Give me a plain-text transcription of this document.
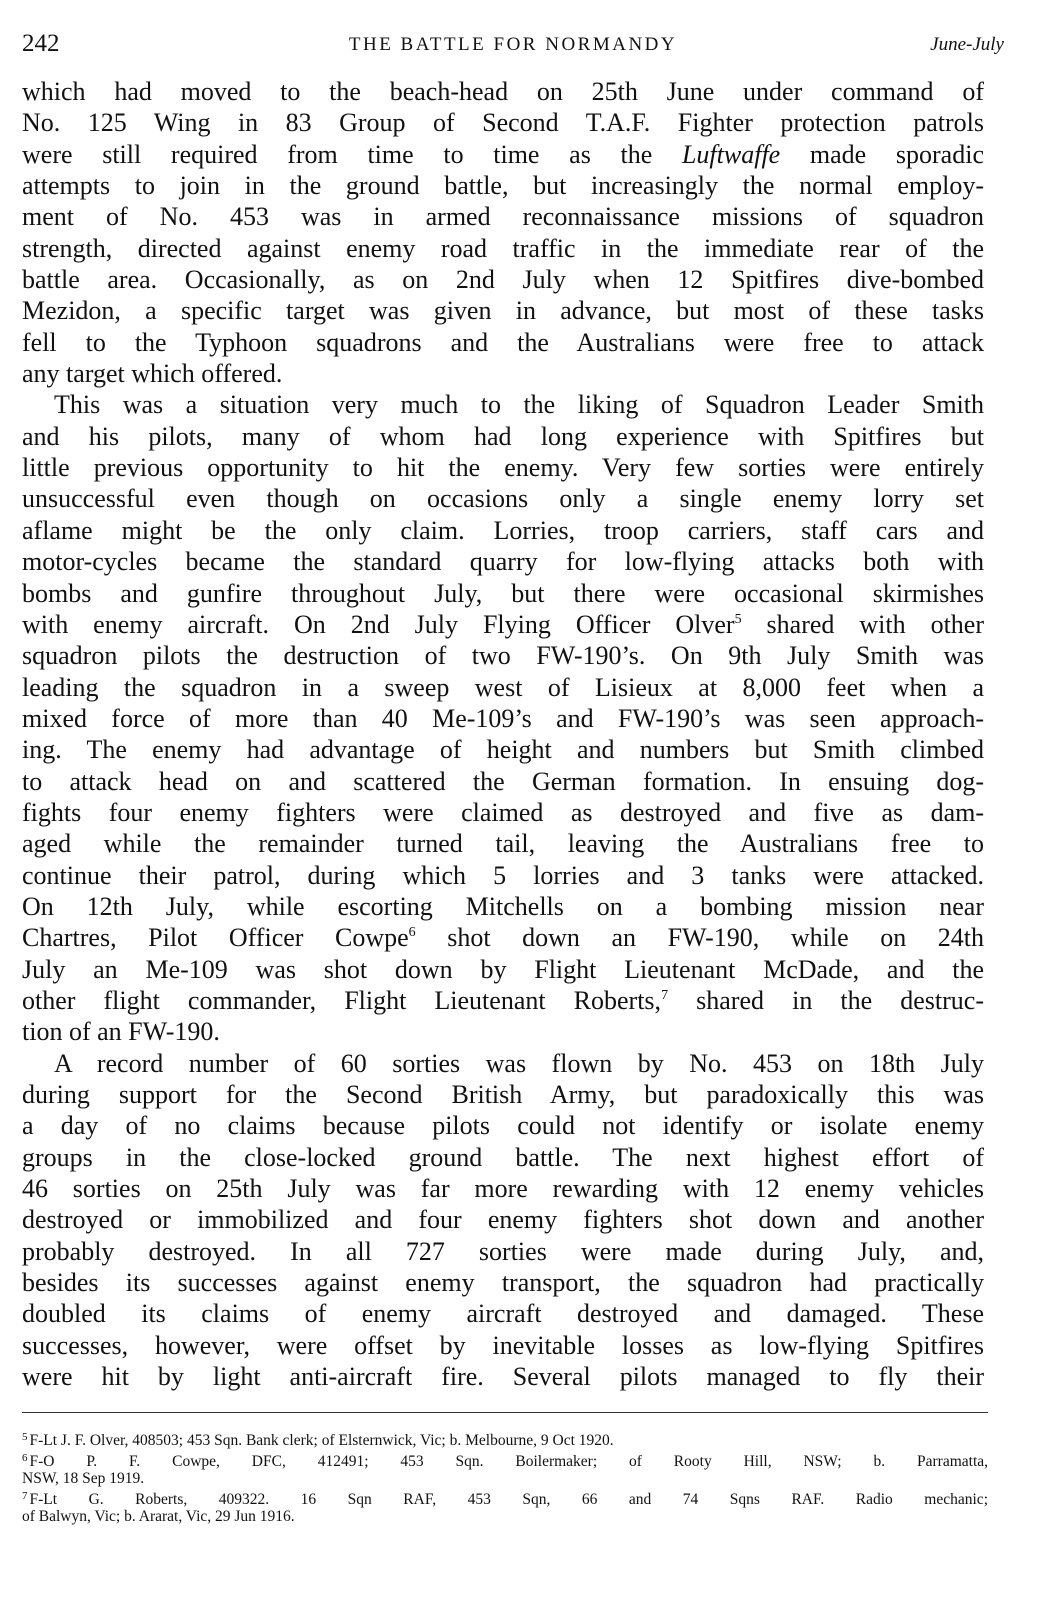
242	THE BATTLE FOR NORMANDY	June-July
which had moved to the beach-head on 25th June under command of
No. 125 Wing in 83 Group of Second T.A.F. Fighter protection patrols
were still required from time to time as the Luftwaffe made sporadic
attempts to join in the ground battle, but increasingly the normal employ-
ment of No. 453 was in armed reconnaissance missions of squadron
strength, directed against enemy road traffic in the immediate rear of the
battle area. Occasionally, as on 2nd July when 12 Spitfires dive-bombed
Mezidon, a specific target was given in advance, but most of these tasks
fell to the Typhoon squadrons and the Australians were free to attack
any target which offered.
This was a situation very much to the liking of Squadron Leader Smith
and his pilots, many of whom had long experience with Spitfires but
little previous opportunity to hit the enemy. Very few sorties were entirely
unsuccessful even though on occasions only a single enemy lorry set
aflame might be the only claim. Lorries, troop carriers, staff cars and
motor-cycles became the standard quarry for low-flying attacks both with
bombs and gunfire throughout July, but there were occasional skirmishes
with enemy aircraft. On 2nd July Flying Officer Olver$^5$ shared with other
squadron pilots the destruction of two FW-190’s. On 9th July Smith was
leading the squadron in a sweep west of Lisieux at 8,000 feet when a
mixed force of more than 40 Me-109’s and FW-190’s was seen approach-
ing. The enemy had advantage of height and numbers but Smith climbed
to attack head on and scattered the German formation. In ensuing dog-
fights four enemy fighters were claimed as destroyed and five as dam-
aged while the remainder turned tail, leaving the Australians free to
continue their patrol, during which 5 lorries and 3 tanks were attacked.
On 12th July, while escorting Mitchells on a bombing mission near
Chartres, Pilot Officer Cowpe$^6$ shot down an FW-190, while on 24th
July an Me-109 was shot down by Flight Lieutenant McDade, and the
other flight commander, Flight Lieutenant Roberts,$^7$ shared in the destruc-
tion of an FW-190.
A record number of 60 sorties was flown by No. 453 on 18th July
during support for the Second British Army, but paradoxically this was
a day of no claims because pilots could not identify or isolate enemy
groups in the close-locked ground battle. The next highest effort of
46 sorties on 25th July was far more rewarding with 12 enemy vehicles
destroyed or immobilized and four enemy fighters shot down and another
probably destroyed. In all 727 sorties were made during July, and,
besides its successes against enemy transport, the squadron had practically
doubled its claims of enemy aircraft destroyed and damaged. These
successes, however, were offset by inevitable losses as low-flying Spitfires
were hit by light anti-aircraft fire. Several pilots managed to fly their
$^5$ F-Lt J. F. Olver, 408503; 453 Sqn. Bank clerk; of Elsternwick, Vic; b. Melbourne, 9 Oct 1920.
$^6$ F-O P. F. Cowpe, DFC, 412491; 453 Sqn. Boilermaker; of Rooty Hill, NSW; b. Parramatta,
NSW, 18 Sep 1919.
$^7$ F-Lt G. Roberts, 409322. 16 Sqn RAF, 453 Sqn, 66 and 74 Sqns RAF. Radio mechanic;
of Balwyn, Vic; b. Ararat, Vic, 29 Jun 1916.
